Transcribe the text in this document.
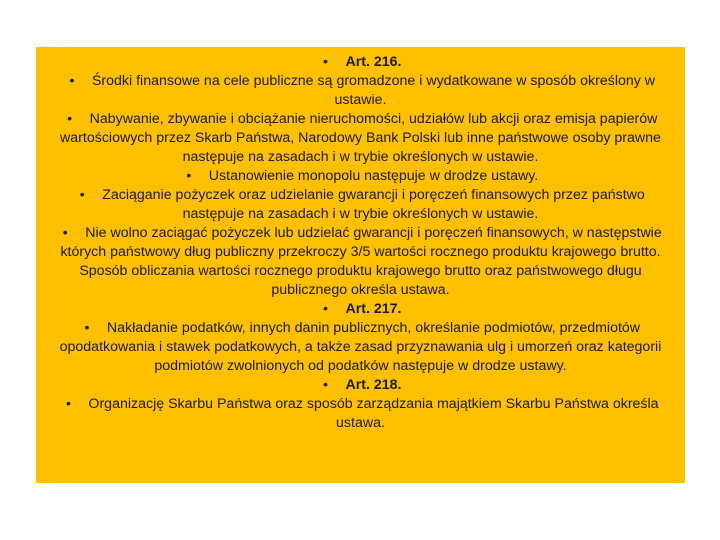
• Art. 216.

• Środki finansowe na cele publiczne są gromadzone i wydatkowane w sposób określony w ustawie.

• Nabywanie, zbywanie i obciążanie nieruchomości, udziałów lub akcji oraz emisja papierów wartościowych przez Skarb Państwa, Narodowy Bank Polski lub inne państwowe osoby prawne następuje na zasadach i w trybie określonych w ustawie.

• Ustanowienie monopolu następuje w drodze ustawy.

• Zaciąganie pożyczek oraz udzielanie gwarancji i poręczeń finansowych przez państwo następuje na zasadach i w trybie określonych w ustawie.

• Nie wolno zaciągać pożyczek lub udzielać gwarancji i poręczeń finansowych, w następstwie których państwowy dług publiczny przekroczy 3/5 wartości rocznego produktu krajowego brutto. Sposób obliczania wartości rocznego produktu krajowego brutto oraz państwowego długu publicznego określa ustawa.

• Art. 217.

• Nakładanie podatków, innych danin publicznych, określanie podmiotów, przedmiotów opodatkowania i stawek podatkowych, a także zasad przyznawania ulg i umorzeń oraz kategorii podmiotów zwolnionych od podatków następuje w drodze ustawy.

• Art. 218.

• Organizację Skarbu Państwa oraz sposób zarządzania majątkiem Skarbu Państwa określa ustawa.
